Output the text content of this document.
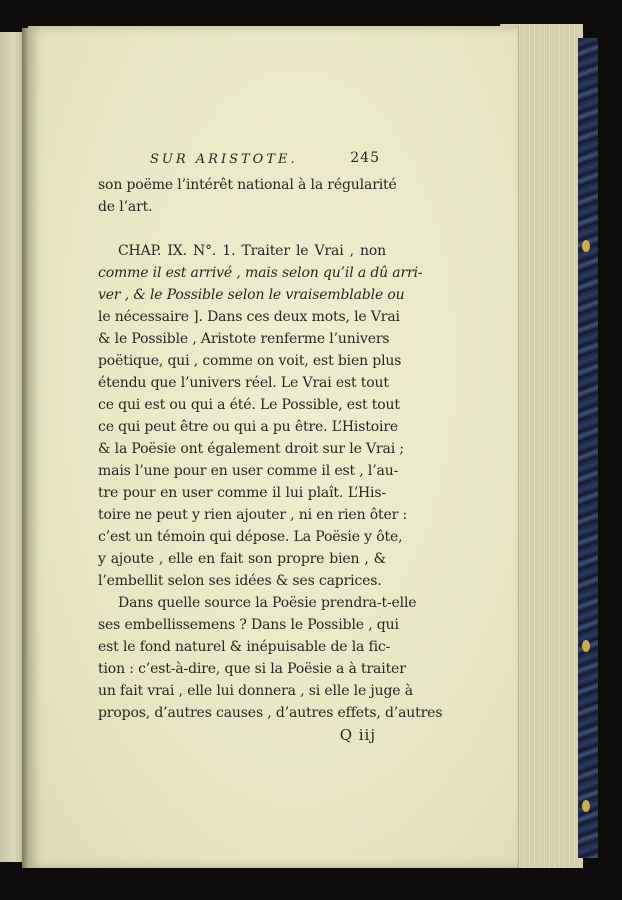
SUR ARISTOTE.	245
son poëme l’intérêt national à la régularité
de l’art.
CHAP. IX. N°. 1. Traiter le Vrai , non
comme il est arrivé , mais selon qu’il a dû arri-
ver , & le Possible selon le vraisemblable ou
le nécessaire ]. Dans ces deux mots, le Vrai
& le Possible , Aristote renferme l’univers
poëtique, qui , comme on voit, est bien plus
étendu que l’univers réel. Le Vrai est tout
ce qui est ou qui a été. Le Possible, est tout
ce qui peut être ou qui a pu être. L’Histoire
& la Poësie ont également droit sur le Vrai ;
mais l’une pour en user comme il est , l’au-
tre pour en user comme il lui plaît. L’His-
toire ne peut y rien ajouter , ni en rien ôter :
c’est un témoin qui dépose. La Poësie y ôte,
y ajoute , elle en fait son propre bien , &
l’embellit selon ses idées & ses caprices.
Dans quelle source la Poësie prendra-t-elle
ses embellissemens ? Dans le Possible , qui
est le fond naturel & inépuisable de la fic-
tion : c’est-à-dire, que si la Poësie a à traiter
un fait vrai , elle lui donnera , si elle le juge à
propos, d’autres causes , d’autres effets, d’autres
Q iij
